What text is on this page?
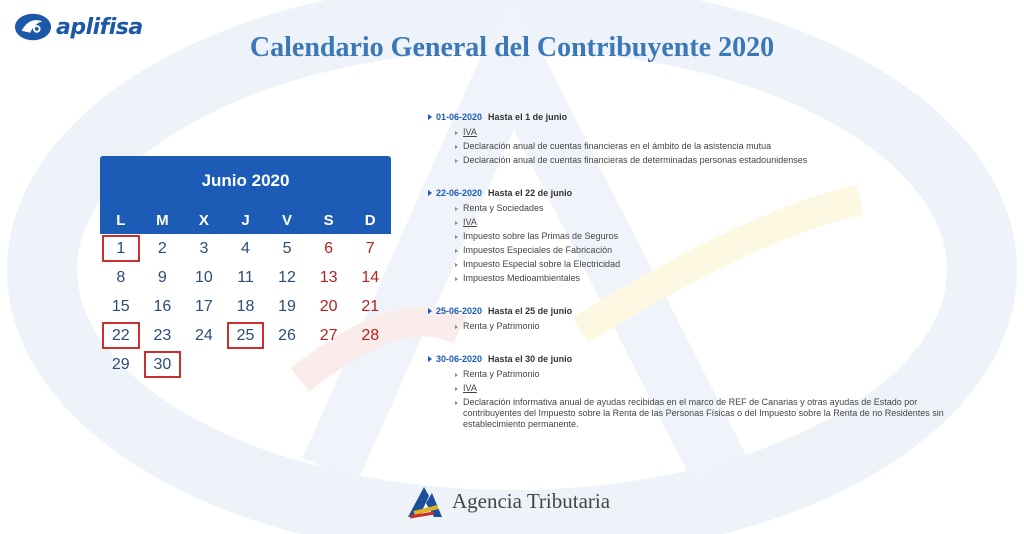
aplifisa
Calendario General del Contribuyente 2020
Junio 2020
L	M	X	J	V	S	D
1	2	3	4	5	6	7
8	9	10	11	12	13	14
15	16	17	18	19	20	21
22	23	24	25	26	27	28
29	30
01-06-2020 Hasta el 1 de junio
IVA
Declaración anual de cuentas financieras en el ámbito de la asistencia mutua
Declaración anual de cuentas financieras de determinadas personas estadounidenses
22-06-2020 Hasta el 22 de junio
Renta y Sociedades
IVA
Impuesto sobre las Primas de Seguros
Impuestos Especiales de Fabricación
Impuesto Especial sobre la Electricidad
Impuestos Medioambientales
25-06-2020 Hasta el 25 de junio
Renta y Patrimonio
30-06-2020 Hasta el 30 de junio
Renta y Patrimonio
IVA
Declaración informativa anual de ayudas recibidas en el marco de REF de Canarias y otras ayudas de Estado por contribuyentes del Impuesto sobre la Renta de las Personas Físicas o del Impuesto sobre la Renta de no Residentes sin establecimiento permanente.
Agencia Tributaria
